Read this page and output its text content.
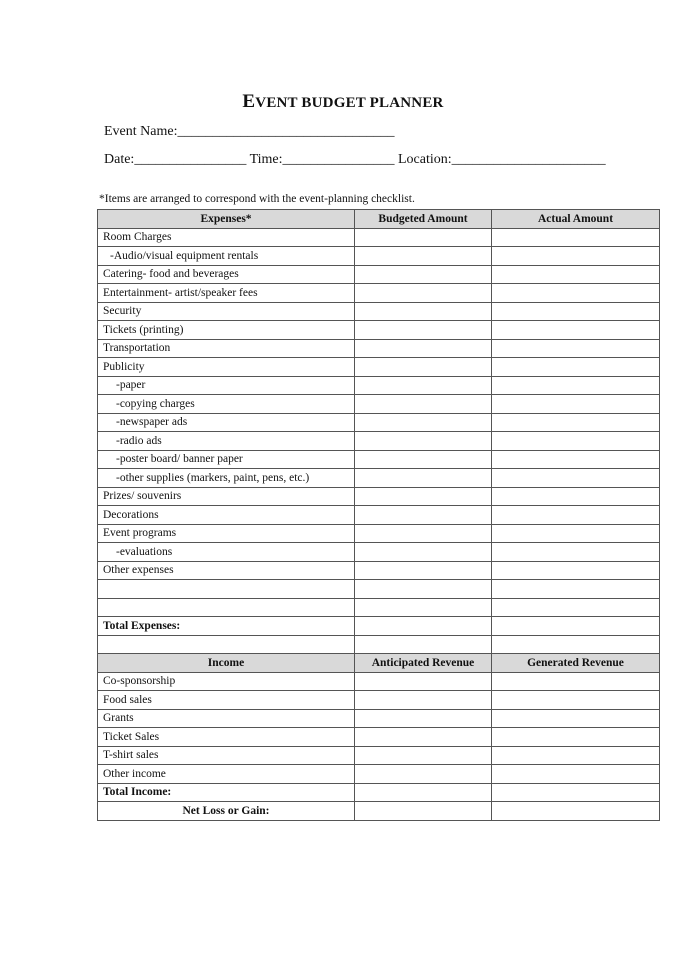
EVENT BUDGET PLANNER
Event Name:_______________________________
Date:________________ Time:________________ Location:______________________
*Items are arranged to correspond with the event-planning checklist.
Expenses*	Budgeted Amount	Actual Amount
Room Charges		
-Audio/visual equipment rentals		
Catering- food and beverages		
Entertainment- artist/speaker fees		
Security		
Tickets (printing)		
Transportation		
Publicity		
-paper		
-copying charges		
-newspaper ads		
-radio ads		
-poster board/ banner paper		
-other supplies (markers, paint, pens, etc.)		
Prizes/ souvenirs		
Decorations		
Event programs		
-evaluations		
Other expenses		

Total Expenses:		

Income	Anticipated Revenue	Generated Revenue
Co-sponsorship		
Food sales		
Grants		
Ticket Sales		
T-shirt sales		
Other income		
Total Income:		
Net Loss or Gain:		
